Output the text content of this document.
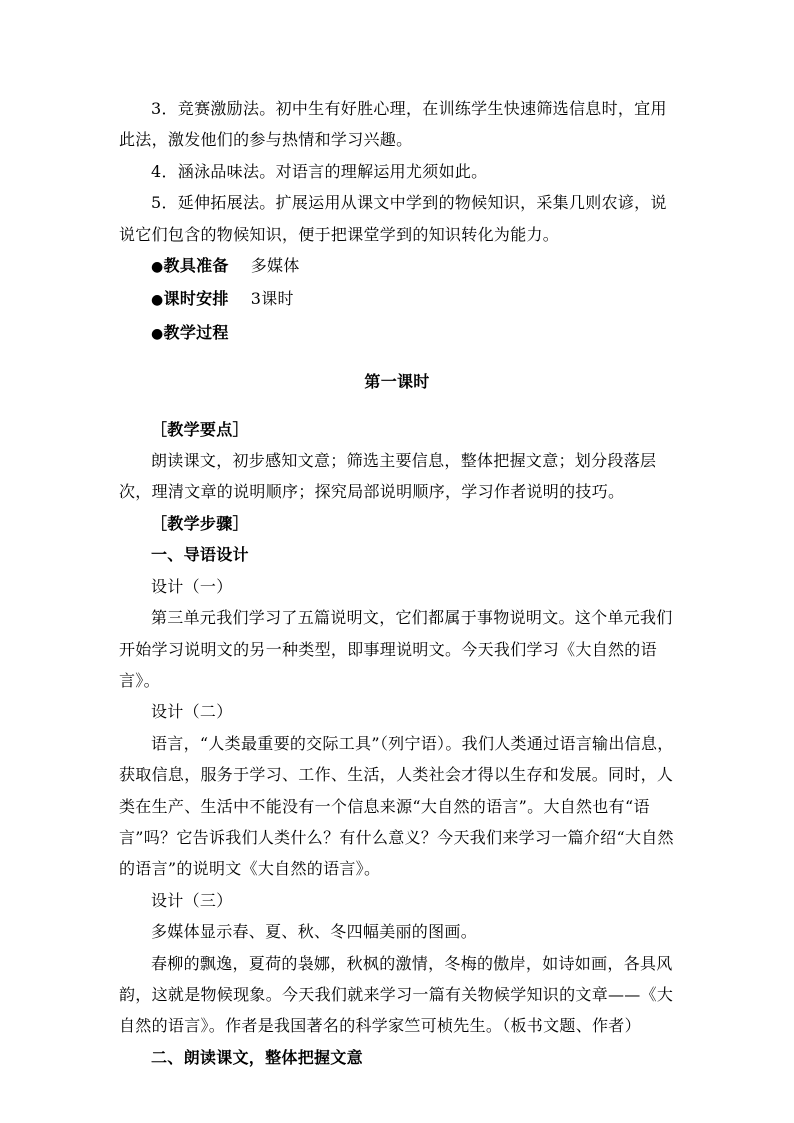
3．竞赛激励法。初中生有好胜心理，在训练学生快速筛选信息时，宜用此法，激发他们的参与热情和学习兴趣。

4．涵泳品味法。对语言的理解运用尤须如此。

5．延伸拓展法。扩展运用从课文中学到的物候知识，采集几则农谚，说说它们包含的物候知识，便于把课堂学到的知识转化为能力。

●教具准备 多媒体

●课时安排 3课时

●教学过程

第一课时

［教学要点］

朗读课文，初步感知文意；筛选主要信息，整体把握文意；划分段落层次，理清文章的说明顺序；探究局部说明顺序，学习作者说明的技巧。

［教学步骤］

一、导语设计

设计（一）

第三单元我们学习了五篇说明文，它们都属于事物说明文。这个单元我们开始学习说明文的另一种类型，即事理说明文。今天我们学习《大自然的语言》。

设计（二）

语言，“人类最重要的交际工具”（列宁语）。我们人类通过语言输出信息，获取信息，服务于学习、工作、生活，人类社会才得以生存和发展。同时，人类在生产、生活中不能没有一个信息来源“大自然的语言”。大自然也有“语言”吗？它告诉我们人类什么？有什么意义？今天我们来学习一篇介绍“大自然的语言”的说明文《大自然的语言》。

设计（三）

多媒体显示春、夏、秋、冬四幅美丽的图画。

春柳的飘逸，夏荷的袅娜，秋枫的激情，冬梅的傲岸，如诗如画，各具风韵，这就是物候现象。今天我们就来学习一篇有关物候学知识的文章——《大自然的语言》。作者是我国著名的科学家竺可桢先生。（板书文题、作者）

二、朗读课文，整体把握文意
